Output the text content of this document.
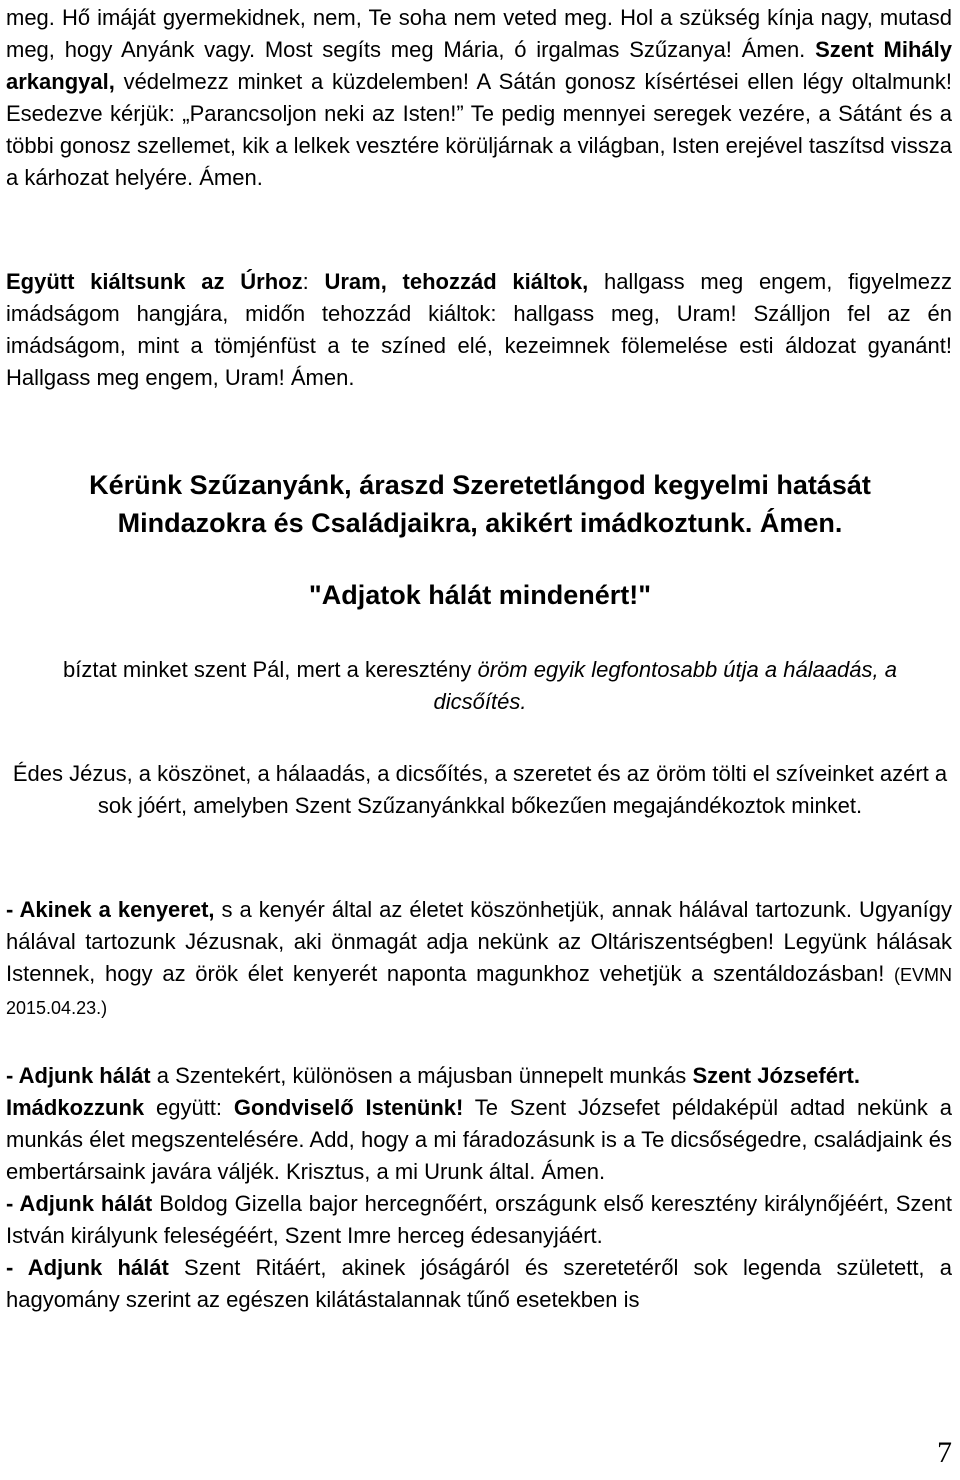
meg. Hő imáját gyermekidnek, nem, Te soha nem veted meg. Hol a szükség kínja nagy, mutasd meg, hogy Anyánk vagy. Most segíts meg Mária, ó irgalmas Szűzanya! Ámen. Szent Mihály arkangyal, védelmezz minket a küzdelemben! A Sátán gonosz kísértései ellen légy oltalmunk! Esedezve kérjük: „Parancsoljon neki az Isten!” Te pedig mennyei seregek vezére, a Sátánt és a többi gonosz szellemet, kik a lelkek vesztére körüljárnak a világban, Isten erejével taszítsd vissza a kárhozat helyére. Ámen.

Együtt kiáltsunk az Úrhoz: Uram, tehozzád kiáltok, hallgass meg engem, figyelmezz imádságom hangjára, midőn tehozzád kiáltok: hallgass meg, Uram! Szálljon fel az én imádságom, mint a tömjénfüst a te színed elé, kezeimnek fölemelése esti áldozat gyanánt! Hallgass meg engem, Uram! Ámen.

Kérünk Szűzanyánk, áraszd Szeretetlángod kegyelmi hatását
Mindazokra és Családjaikra, akikért imádkoztunk. Ámen.
"Adjatok hálát mindenért!"

bíztat minket szent Pál, mert a keresztény öröm egyik legfontosabb útja a hálaadás, a dicsőítés.

Édes Jézus, a köszönet, a hálaadás, a dicsőítés, a szeretet és az öröm tölti el szíveinket azért a sok jóért, amelyben Szent Szűzanyánkkal bőkezűen megajándékoztok minket.

- Akinek a kenyeret, s a kenyér által az életet köszönhetjük, annak hálával tartozunk. Ugyanígy hálával tartozunk Jézusnak, aki önmagát adja nekünk az Oltáriszentségben! Legyünk hálásak Istennek, hogy az örök élet kenyerét naponta magunkhoz vehetjük a szentáldozásban! (EVMN 2015.04.23.)

- Adjunk hálát a Szentekért, különösen a májusban ünnepelt munkás Szent Józsefért.

Imádkozzunk együtt: Gondviselő Istenünk! Te Szent Józsefet példaképül adtad nekünk a munkás élet megszentelésére. Add, hogy a mi fáradozásunk is a Te dicsőségedre, családjaink és embertársaink javára váljék. Krisztus, a mi Urunk által. Ámen.

- Adjunk hálát Boldog Gizella bajor hercegnőért, országunk első keresztény királynőjéért, Szent István királyunk feleségéért, Szent Imre herceg édesanyjáért.

- Adjunk hálát Szent Ritáért, akinek jóságáról és szeretetéről sok legenda született, a hagyomány szerint az egészen kilátástalannak tűnő esetekben is

7
